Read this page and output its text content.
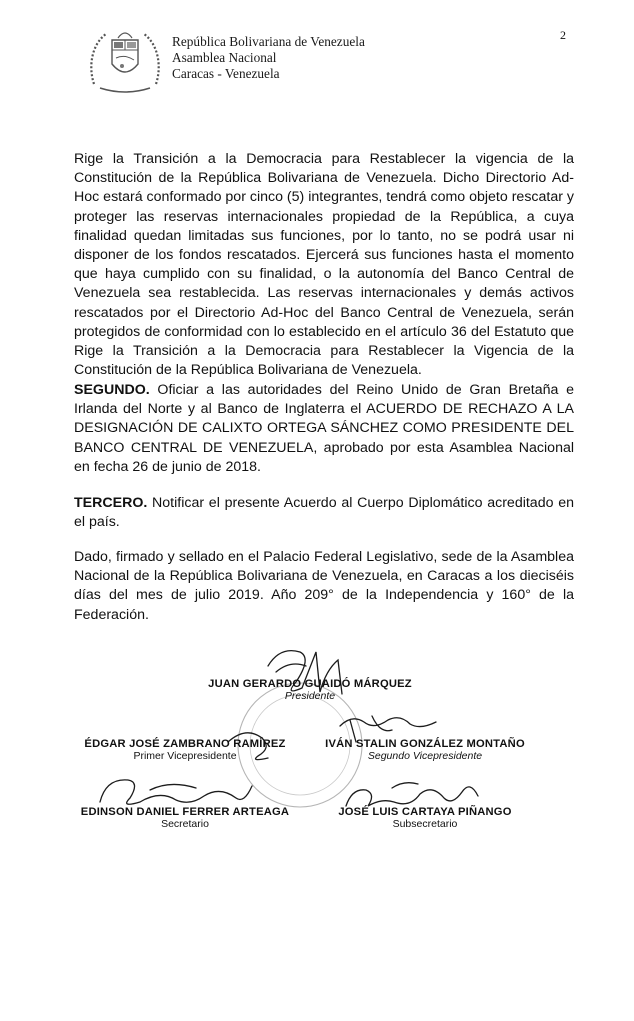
2
República Bolivariana de Venezuela
Asamblea Nacional
Caracas - Venezuela

Rige la Transición a la Democracia para Restablecer la vigencia de la Constitución de la República Bolivariana de Venezuela. Dicho Directorio Ad-Hoc estará conformado por cinco (5) integrantes, tendrá como objeto rescatar y proteger las reservas internacionales propiedad de la República, a cuya finalidad quedan limitadas sus funciones, por lo tanto, no se podrá usar ni disponer de los fondos rescatados. Ejercerá sus funciones hasta el momento que haya cumplido con su finalidad, o la autonomía del Banco Central de Venezuela sea restablecida. Las reservas internacionales y demás activos rescatados por el Directorio Ad-Hoc del Banco Central de Venezuela, serán protegidos de conformidad con lo establecido en el artículo 36 del Estatuto que Rige la Transición a la Democracia para Restablecer la Vigencia de la Constitución de la República Bolivariana de Venezuela.

SEGUNDO. Oficiar a las autoridades del Reino Unido de Gran Bretaña e Irlanda del Norte y al Banco de Inglaterra el ACUERDO DE RECHAZO A LA DESIGNACIÓN DE CALIXTO ORTEGA SÁNCHEZ COMO PRESIDENTE DEL BANCO CENTRAL DE VENEZUELA, aprobado por esta Asamblea Nacional en fecha 26 de junio de 2018.

TERCERO. Notificar el presente Acuerdo al Cuerpo Diplomático acreditado en el país.

Dado, firmado y sellado en el Palacio Federal Legislativo, sede de la Asamblea Nacional de la República Bolivariana de Venezuela, en Caracas a los dieciséis días del mes de julio 2019. Año 209° de la Independencia y 160° de la Federación.

JUAN GERARDO GUAIDÓ MÁRQUEZ
Presidente
ÉDGAR JOSÉ ZAMBRANO RAMÍREZ
Primer Vicepresidente
IVÁN STALIN GONZÁLEZ MONTAÑO
Segundo Vicepresidente
EDINSON DANIEL FERRER ARTEAGA
Secretario
JOSÉ LUIS CARTAYA PIÑANGO
Subsecretario
